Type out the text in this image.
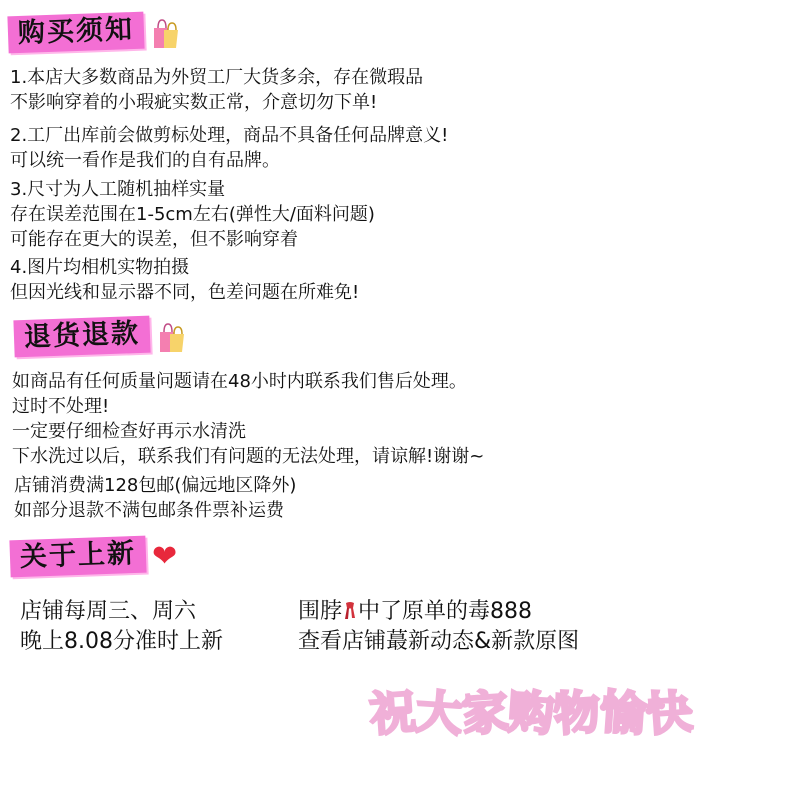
购买须知
1.本店大多数商品为外贸工厂大货多余，存在微瑕品
不影响穿着的小瑕疵实数正常，介意切勿下单!
2.工厂出库前会做剪标处理，商品不具备任何品牌意义!
可以统一看作是我们的自有品牌。
3.尺寸为人工随机抽样实量
存在误差范围在1-5cm左右(弹性大/面料问题)
可能存在更大的误差，但不影响穿着
4.图片均相机实物拍摄
但因光线和显示器不同，色差问题在所难免!
退货退款
如商品有任何质量问题请在48小时内联系我们售后处理。
过时不处理!
一定要仔细检查好再示水清洗
下水洗过以后，联系我们有问题的无法处理，请谅解!谢谢~
店铺消费满128包邮(偏远地区降外)
如部分退款不满包邮条件票补运费
关于上新 ❤
店铺每周三、周六
晚上8.08分准时上新
围脖 中了原单的毒888
查看店铺蕞新动态&新款原图
祝
大
家
购
物
愉
快
